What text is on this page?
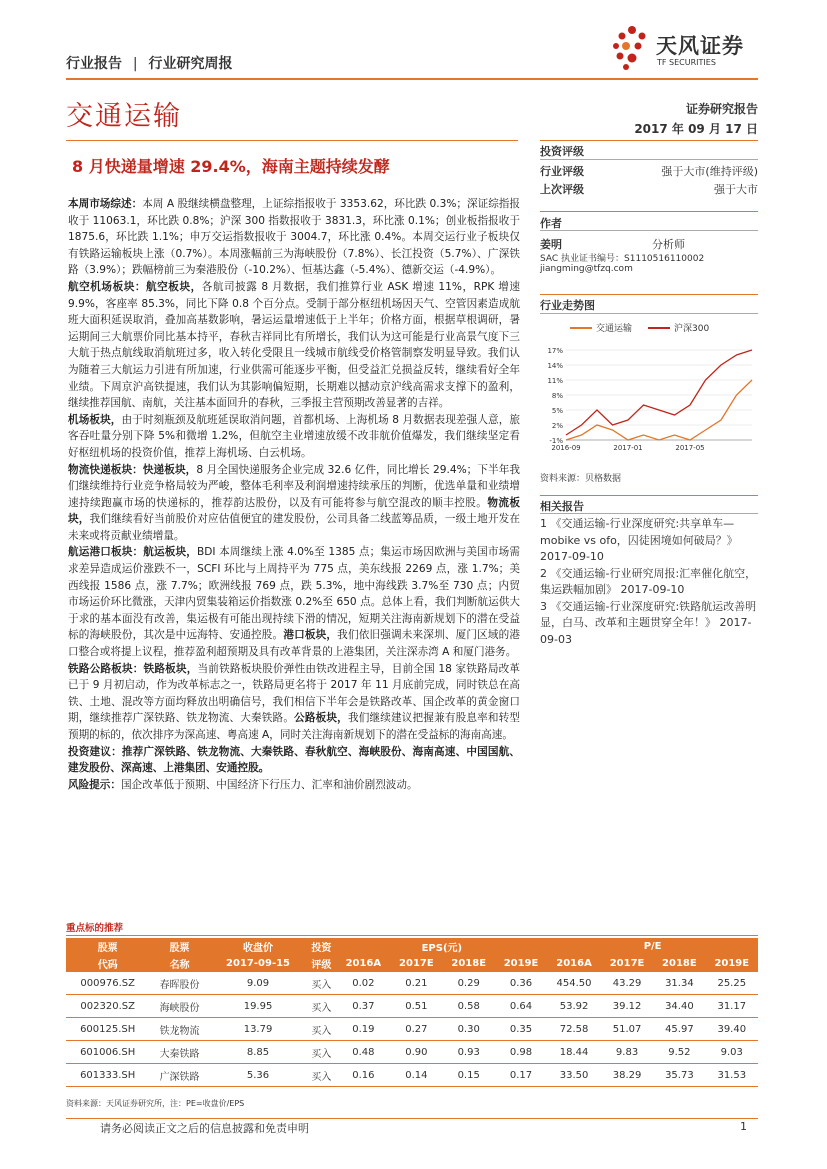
行业报告 | 行业研究周报
天风证券
TF SECURITIES
交通运输	证券研究报告
2017 年 09 月 17 日
8 月快递量增速 29.4%，海南主题持续发酵
投资评级
行业评级	强于大市(维持评级)
上次评级	强于大市
作者
姜明	分析师
SAC 执业证书编号：S1110516110002
jiangming@tfzq.com
行业走势图
交通运输	沪深300
17%
14%
11%
8%
5%
2%
-1%
2016-09	2017-01	2017-05
资料来源：贝格数据
相关报告
1 《交通运输-行业深度研究:共享单车—mobike vs ofo，囚徒困境如何破局？》 2017-09-10
2 《交通运输-行业研究周报:汇率催化航空，集运跌幅加剧》 2017-09-10
3 《交通运输-行业深度研究:铁路航运改善明显，白马、改革和主题贯穿全年！》 2017-09-03

本周市场综述：本周 A 股继续横盘整理，上证综指报收于 3353.62，环比跌 0.3%；深证综指报收于 11063.1，环比跌 0.8%；沪深 300 指数报收于 3831.3，环比涨 0.1%；创业板指报收于 1875.6，环比跌 1.1%；申万交运指数报收于 3004.7，环比涨 0.4%。本周交运行业子板块仅有铁路运输板块上涨（0.7%）。本周涨幅前三为海峡股份（7.8%）、长江投资（5.7%）、广深铁路（3.9%）；跌幅榜前三为秦港股份（-10.2%）、恒基达鑫（-5.4%）、德新交运（-4.9%）。

航空机场板块：航空板块，各航司披露 8 月数据，我们推算行业 ASK 增速 11%，RPK 增速 9.9%，客座率 85.3%，同比下降 0.8 个百分点。受制于部分枢纽机场因天气、空管因素造成航班大面积延误取消，叠加高基数影响，暑运运量增速低于上半年；价格方面，根据草根调研，暑运期间三大航票价同比基本持平，春秋吉祥同比有所增长，我们认为这可能是行业高景气度下三大航于热点航线取消航班过多，收入转化受限且一线城市航线受价格管制察发明显导致。我们认为随着三大航运力引进有所加速，行业供需可能逐步平衡，但受益汇兑损益反转，继续看好全年业绩。下周京沪高铁提速，我们认为其影响偏短期，长期难以撼动京沪线高需求支撑下的盈利，继续推荐国航、南航，关注基本面回升的春秋，三季报主营预期改善显著的吉祥。

机场板块，由于时刻瓶颈及航班延误取消问题，首都机场、上海机场 8 月数据表现差强人意，旅客吞吐量分别下降 5%和微增 1.2%，但航空主业增速放缓不改非航价值爆发，我们继续坚定看好枢纽机场的投资价值，推荐上海机场、白云机场。

物流快递板块：快递板块，8 月全国快递服务企业完成 32.6 亿件，同比增长 29.4%；下半年我们继续维持行业竞争格局较为严峻，整体毛利率及利润增速持续承压的判断，优选单量和业绩增速持续跑赢市场的快递标的，推荐韵达股份，以及有可能将参与航空混改的顺丰控股。物流板块，我们继续看好当前股价对应估值便宜的建发股份，公司具备二线蓝筹品质，一级土地开发在未来或将贡献业绩增量。

航运港口板块：航运板块，BDI 本周继续上涨 4.0%至 1385 点；集运市场因欧洲与美国市场需求差异造成运价涨跌不一，SCFI 环比与上周持平为 775 点，美东线报 2269 点，涨 1.7%；美西线报 1586 点，涨 7.7%；欧洲线报 769 点，跌 5.3%，地中海线跌 3.7%至 730 点；内贸市场运价环比微涨，天津内贸集装箱运价指数涨 0.2%至 650 点。总体上看，我们判断航运供大于求的基本面没有改善，集运极有可能出现持续下滑的情况，短期关注海南新规划下的潜在受益标的海峡股份，其次是中远海特、安通控股。港口板块，我们依旧强调未来深圳、厦门区域的港口整合或将提上议程，推荐盈利超预期及具有改革背景的上港集团，关注深赤湾 A 和厦门港务。

铁路公路板块：铁路板块，当前铁路板块股价弹性由铁改进程主导，目前全国 18 家铁路局改革已于 9 月初启动，作为改革标志之一，铁路局更名将于 2017 年 11 月底前完成，同时铁总在高铁、土地、混改等方面均释放出明确信号，我们相信下半年会是铁路改革、国企改革的黄金窗口期，继续推荐广深铁路、铁龙物流、大秦铁路。公路板块，我们继续建议把握兼有股息率和转型预期的标的，依次排序为深高速、粤高速 A，同时关注海南新规划下的潜在受益标的海南高速。

投资建议：推荐广深铁路、铁龙物流、大秦铁路、春秋航空、海峡股份、海南高速、中国国航、建发股份、深高速、上港集团、安通控股。

风险提示：国企改革低于预期、中国经济下行压力、汇率和油价剧烈波动。

重点标的推荐
股票	股票	收盘价	投资	EPS(元)				P/E			
代码	名称	2017-09-15	评级	2016A	2017E	2018E	2019E	2016A	2017E	2018E	2019E
000976.SZ	春晖股份	9.09	买入	0.02	0.21	0.29	0.36	454.50	43.29	31.34	25.25
002320.SZ	海峡股份	19.95	买入	0.37	0.51	0.58	0.64	53.92	39.12	34.40	31.17
600125.SH	铁龙物流	13.79	买入	0.19	0.27	0.30	0.35	72.58	51.07	45.97	39.40
601006.SH	大秦铁路	8.85	买入	0.48	0.90	0.93	0.98	18.44	9.83	9.52	9.03
601333.SH	广深铁路	5.36	买入	0.16	0.14	0.15	0.17	33.50	38.29	35.73	31.53
资料来源：天风证券研究所，注：PE=收盘价/EPS
请务必阅读正文之后的信息披露和免责申明	1
